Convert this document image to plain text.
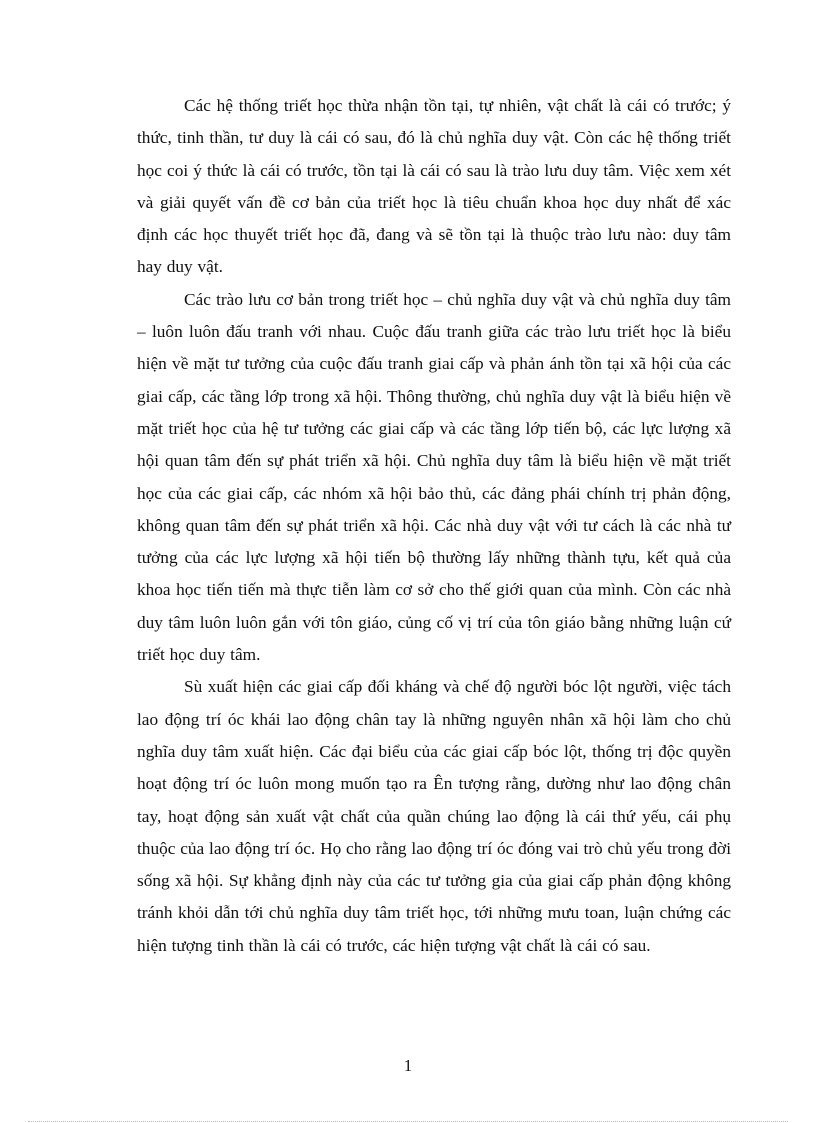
Các hệ thống triết học thừa nhận tồn tại, tự nhiên, vật chất là cái có trước; ý thức, tinh thần, tư duy là cái có sau, đó là chủ nghĩa duy vật. Còn các hệ thống triết học coi ý thức là cái có trước, tồn tại là cái có sau là trào lưu duy tâm. Việc xem xét và giải quyết vấn đề cơ bản của triết học là tiêu chuẩn khoa học duy nhất để xác định các học thuyết triết học đã, đang và sẽ tồn tại là thuộc trào lưu nào: duy tâm hay duy vật.

Các trào lưu cơ bản trong triết học – chủ nghĩa duy vật và chủ nghĩa duy tâm – luôn luôn đấu tranh với nhau. Cuộc đấu tranh giữa các trào lưu triết học là biểu hiện về mặt tư tưởng của cuộc đấu tranh giai cấp và phản ánh tồn tại xã hội của các giai cấp, các tầng lớp trong xã hội. Thông thường, chủ nghĩa duy vật là biểu hiện về mặt triết học của hệ tư tưởng các giai cấp và các tầng lớp tiến bộ, các lực lượng xã hội quan tâm đến sự phát triển xã hội. Chủ nghĩa duy tâm là biểu hiện về mặt triết học của các giai cấp, các nhóm xã hội bảo thủ, các đảng phái chính trị phản động, không quan tâm đến sự phát triển xã hội. Các nhà duy vật với tư cách là các nhà tư tưởng của các lực lượng xã hội tiến bộ thường lấy những thành tựu, kết quả của khoa học tiến tiến mà thực tiễn làm cơ sở cho thế giới quan của mình. Còn các nhà duy tâm luôn luôn gắn với tôn giáo, củng cố vị trí của tôn giáo bằng những luận cứ triết học duy tâm.

Sù xuất hiện các giai cấp đối kháng và chế độ người bóc lột người, việc tách lao động trí óc khái lao động chân tay là những nguyên nhân xã hội làm cho chủ nghĩa duy tâm xuất hiện. Các đại biểu của các giai cấp bóc lột, thống trị độc quyền hoạt động trí óc luôn mong muốn tạo ra Ên tượng rằng, dường như lao động chân tay, hoạt động sản xuất vật chất của quần chúng lao động là cái thứ yếu, cái phụ thuộc của lao động trí óc. Họ cho rằng lao động trí óc đóng vai trò chủ yếu trong đời sống xã hội. Sự khẳng định này của các tư tưởng gia của giai cấp phản động không tránh khỏi dẫn tới chủ nghĩa duy tâm triết học, tới những mưu toan, luận chứng các hiện tượng tinh thần là cái có trước, các hiện tượng vật chất là cái có sau.

1
